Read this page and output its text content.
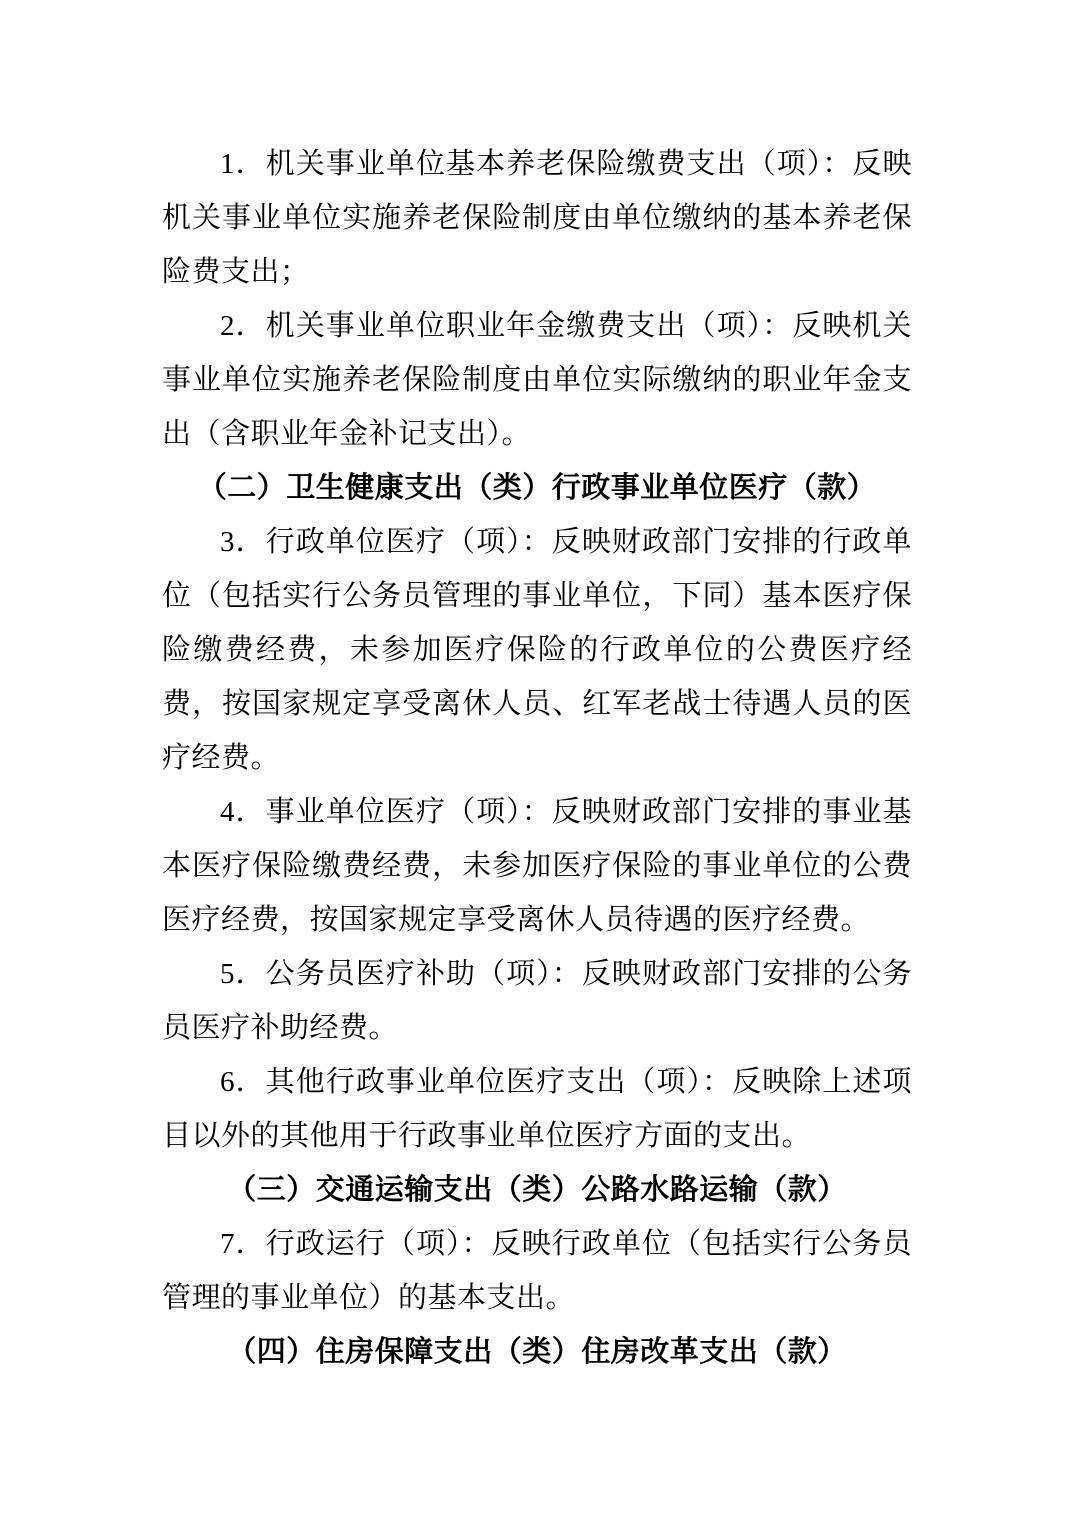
1．机关事业单位基本养老保险缴费支出（项）：反映机关事业单位实施养老保险制度由单位缴纳的基本养老保险费支出；

2．机关事业单位职业年金缴费支出（项）：反映机关事业单位实施养老保险制度由单位实际缴纳的职业年金支出（含职业年金补记支出）。

（二）卫生健康支出（类）行政事业单位医疗（款）

3．行政单位医疗（项）：反映财政部门安排的行政单位（包括实行公务员管理的事业单位，下同）基本医疗保险缴费经费，未参加医疗保险的行政单位的公费医疗经费，按国家规定享受离休人员、红军老战士待遇人员的医疗经费。

4．事业单位医疗（项）：反映财政部门安排的事业基本医疗保险缴费经费，未参加医疗保险的事业单位的公费医疗经费，按国家规定享受离休人员待遇的医疗经费。

5．公务员医疗补助（项）：反映财政部门安排的公务员医疗补助经费。

6．其他行政事业单位医疗支出（项）：反映除上述项目以外的其他用于行政事业单位医疗方面的支出。

（三）交通运输支出（类）公路水路运输（款）

7．行政运行（项）：反映行政单位（包括实行公务员管理的事业单位）的基本支出。

（四）住房保障支出（类）住房改革支出（款）
